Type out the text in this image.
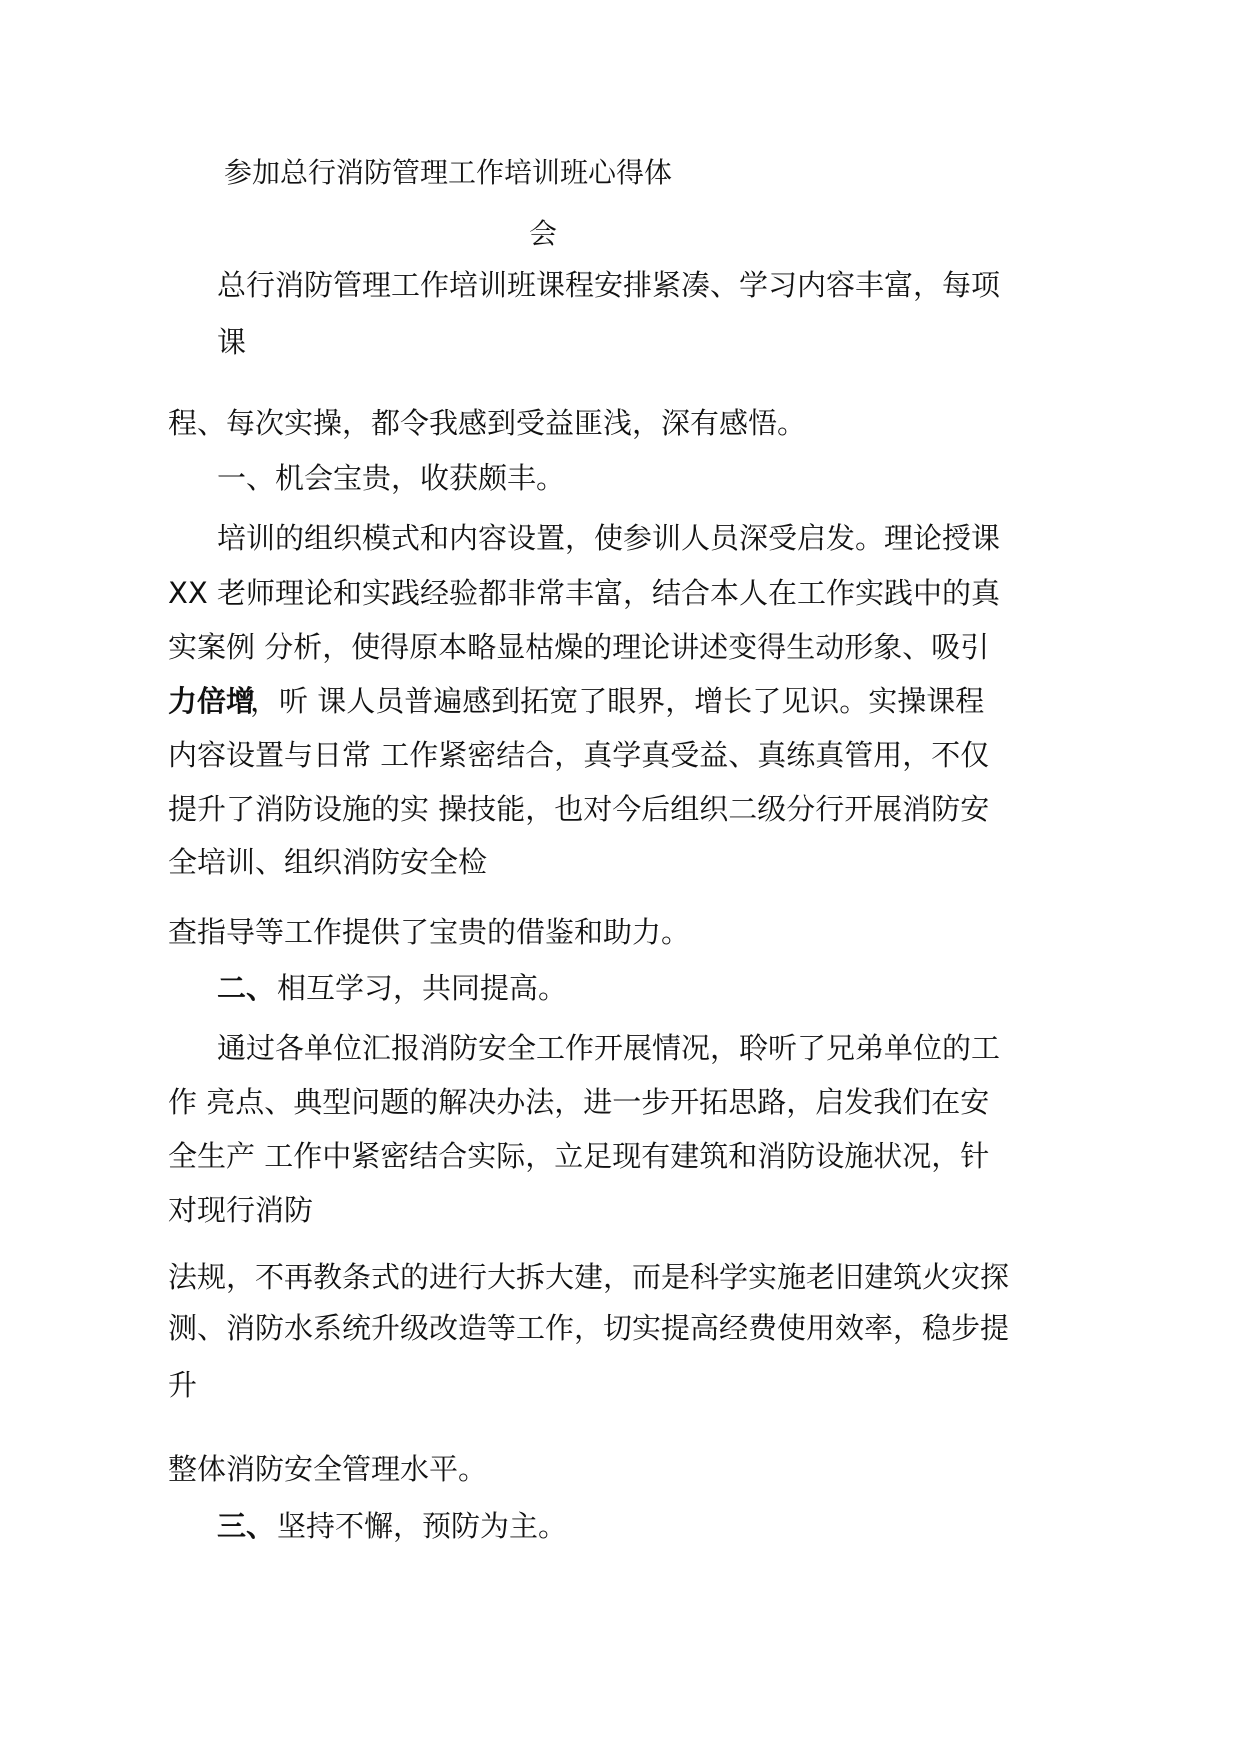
参加总行消防管理工作培训班心得体

会

总行消防管理工作培训班课程安排紧凑、学习内容丰富，每项

课

程、每次实操，都令我感到受益匪浅，深有感悟。

一、机会宝贵，收获颇丰。

培训的组织模式和内容设置，使参训人员深受启发。理论授课

XX 老师理论和实践经验都非常丰富，结合本人在工作实践中的真

实案例 分析，使得原本略显枯燥的理论讲述变得生动形象、吸引

力倍增

，听 课人员普遍感到拓宽了眼界，增长了见识。实操课程

内容设置与日常 工作紧密结合，真学真受益、真练真管用，不仅

提升了消防设施的实 操技能，也对今后组织二级分行开展消防安

全培训、组织消防安全检

查指导等工作提供了宝贵的借鉴和助力。

二、 相互学习，共同提高。

通过各单位汇报消防安全工作开展情况，聆听了兄弟单位的工

作 亮点、典型问题的解决办法，进一步开拓思路，启发我们在安

全生产 工作中紧密结合实际，立足现有建筑和消防设施状况，针

对现行消防

法规，不再教条式的进行大拆大建，而是科学实施老旧建筑火灾探

测、消防水系统升级改造等工作，切实提高经费使用效率，稳步提

升

整体消防安全管理水平。

三、 坚持不懈，预防为主。
